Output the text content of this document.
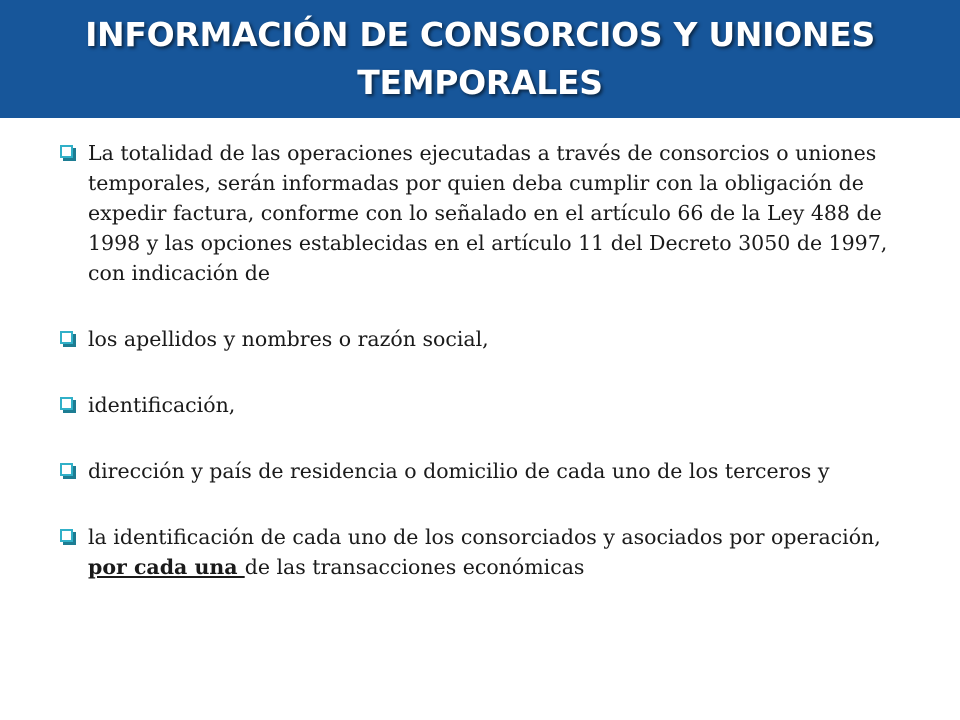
INFORMACIÓN DE CONSORCIOS Y UNIONES TEMPORALES
La totalidad de las operaciones ejecutadas a través de consorcios o uniones temporales, serán informadas por quien deba cumplir con la obligación de expedir factura, conforme con lo señalado en el artículo 66 de la Ley 488 de 1998 y las opciones establecidas en el artículo 11 del Decreto 3050 de 1997, con indicación de
los apellidos y nombres o razón social,
identificación,
dirección y país de residencia o domicilio de cada uno de los terceros y
la identificación de cada uno de los consorciados y asociados por operación, por cada una de las transacciones económicas
